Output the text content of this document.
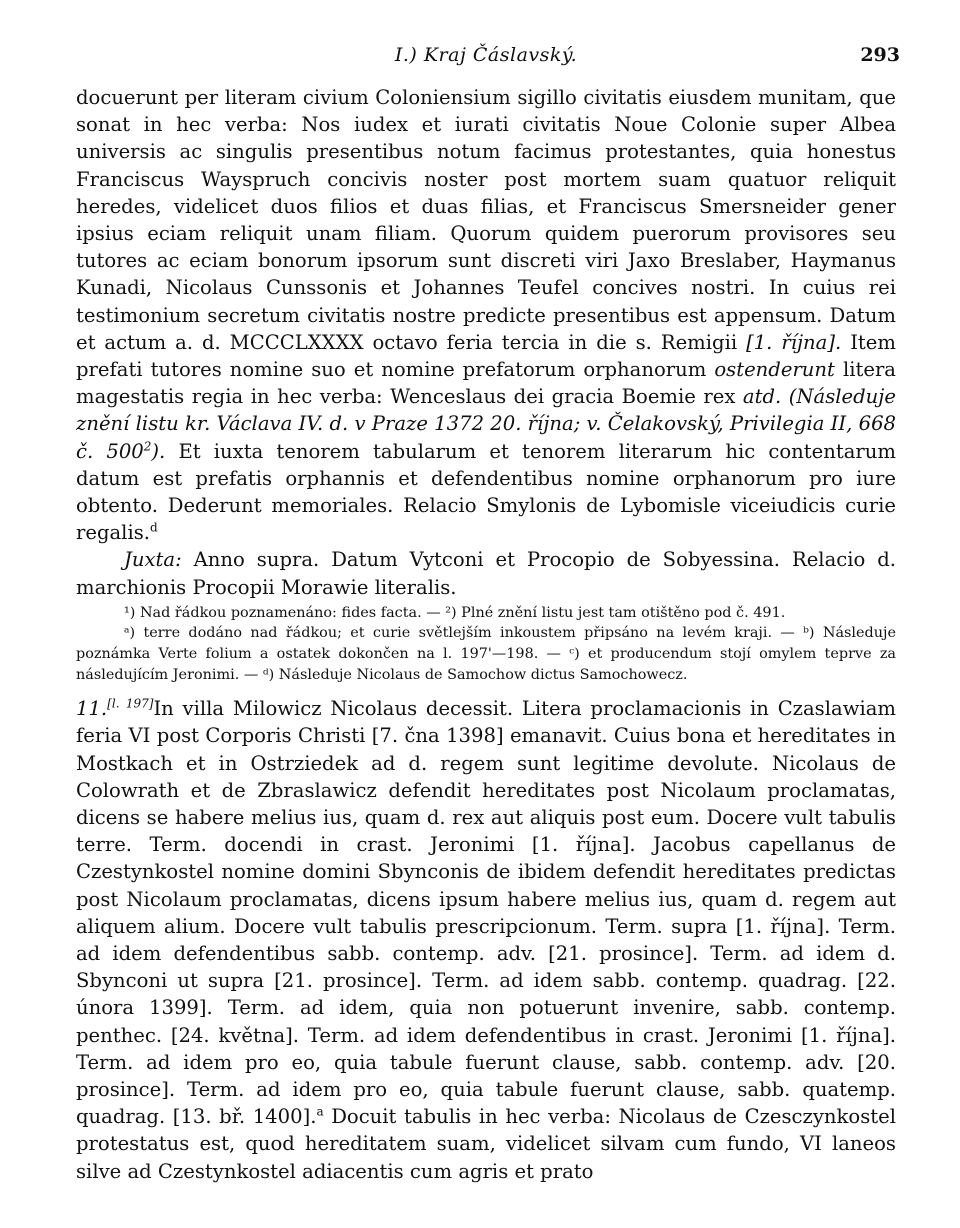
I.) Kraj Čáslavský.	293

docuerunt per literam civium Coloniensium sigillo civitatis eiusdem munitam, que sonat in hec verba: Nos iudex et iurati civitatis Noue Colonie super Albea universis ac singulis presentibus notum facimus protestantes, quia honestus Franciscus Wayspruch concivis noster post mortem suam quatuor reliquit heredes, videlicet duos filios et duas filias, et Franciscus Smersneider gener ipsius eciam reliquit unam filiam. Quorum quidem puerorum provisores seu tutores ac eciam bonorum ipsorum sunt discreti viri Jaxo Breslaber, Haymanus Kunadi, Nicolaus Cunssonis et Johannes Teufel concives nostri. In cuius rei testimonium secretum civitatis nostre predicte presentibus est appensum. Datum et actum a. d. MCCCLXXXX octavo feria tercia in die s. Remigii [1. října]. Item prefati tutores nomine suo et nomine prefatorum orphanorum ostenderunt litera magestatis regia in hec verba: Wenceslaus dei gracia Boemie rex atd. (Následuje znění listu kr. Václava IV. d. v Praze 1372 20. října; v. Čelakovský, Privilegia II, 668 č. $500^2$). Et iuxta tenorem tabularum et tenorem literarum hic contentarum datum est prefatis orphannis et defendentibus nomine orphanorum pro iure obtento. Dederunt memoriales. Relacio Smylonis de Lybomisle viceiudicis curie regalis.$^d$

Juxta: Anno supra. Datum Vytconi et Procopio de Sobyessina. Relacio d. marchionis Procopii Morawie literalis.

¹) Nad řádkou poznamenáno: fides facta. — ²) Plné znění listu jest tam otištěno pod č. 491.

ᵃ) terre dodáno nad řádkou; et curie světlejším inkoustem připsáno na levém kraji. — ᵇ) Následuje poznámka Verte folium a ostatek dokončen na l. 197'—198. — ᶜ) et producendum stojí omylem teprve za následujícím Jeronimi. — ᵈ) Následuje Nicolaus de Samochow dictus Samochowecz.

11.[l. 197]In villa Milowicz Nicolaus decessit. Litera proclamacionis in Czaslawiam feria VI post Corporis Christi [7. čna 1398] emanavit. Cuius bona et hereditates in Mostkach et in Ostrziedek ad d. regem sunt legitime devolute. Nicolaus de Colowrath et de Zbraslawicz defendit hereditates post Nicolaum proclamatas, dicens se habere melius ius, quam d. rex aut aliquis post eum. Docere vult tabulis terre. Term. docendi in crast. Jeronimi [1. října]. Jacobus capellanus de Czestynkostel nomine domini Sbynconis de ibidem defendit hereditates predictas post Nicolaum proclamatas, dicens ipsum habere melius ius, quam d. regem aut aliquem alium. Docere vult tabulis prescripcionum. Term. supra [1. října]. Term. ad idem defendentibus sabb. contemp. adv. [21. prosince]. Term. ad idem d. Sbynconi ut supra [21. prosince]. Term. ad idem sabb. contemp. quadrag. [22. února 1399]. Term. ad idem, quia non potuerunt invenire, sabb. contemp. penthec. [24. května]. Term. ad idem defendentibus in crast. Jeronimi [1. října]. Term. ad idem pro eo, quia tabule fuerunt clause, sabb. contemp. adv. [20. prosince]. Term. ad idem pro eo, quia tabule fuerunt clause, sabb. quatemp. quadrag. [13. bř. 1400].$^a$ Docuit tabulis in hec verba: Nicolaus de Czesczynkostel protestatus est, quod hereditatem suam, videlicet silvam cum fundo, VI laneos silve ad Czestynkostel adiacentis cum agris et prato
